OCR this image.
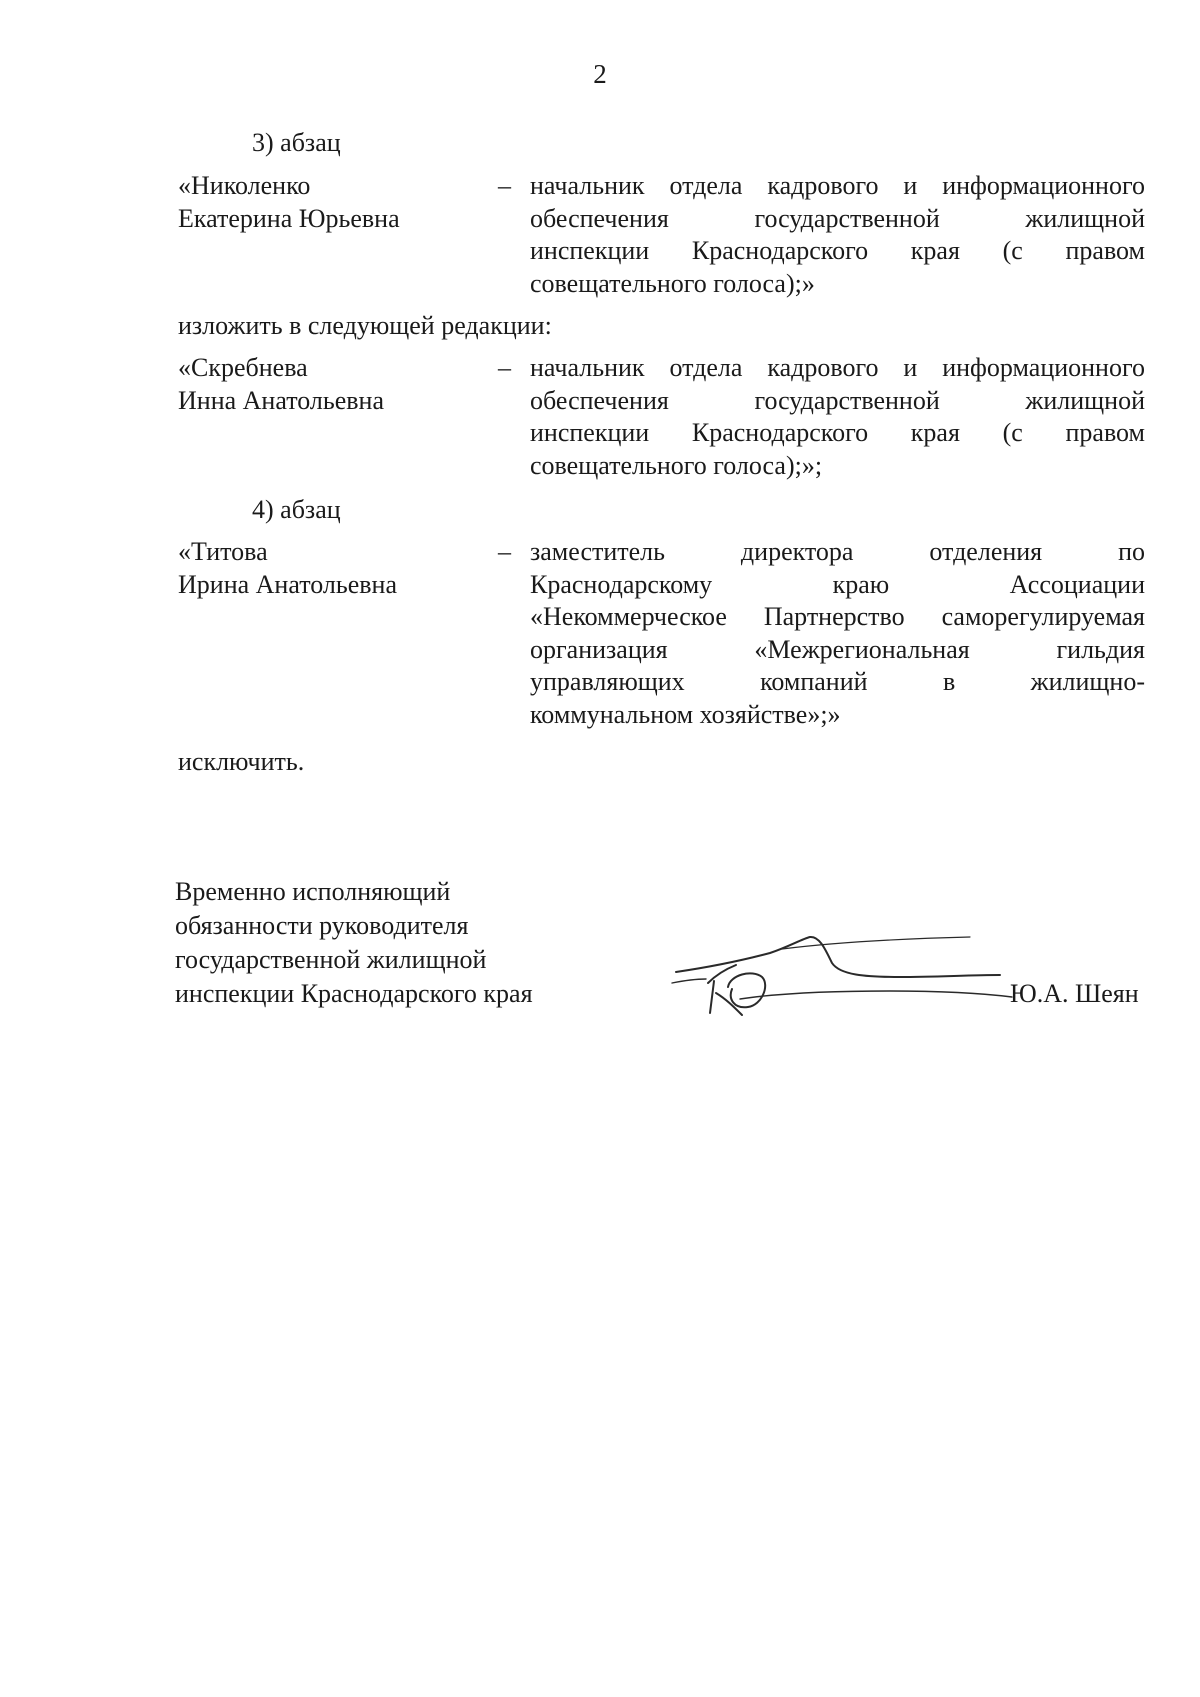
2
3) абзац
«Николенко
Екатерина Юрьевна
– начальник отдела кадрового и информационного
обеспечения государственной жилищной
инспекции Краснодарского края (с правом
совещательного голоса);»
изложить в следующей редакции:
«Скребнева
Инна Анатольевна
– начальник отдела кадрового и информационного
обеспечения государственной жилищной
инспекции Краснодарского края (с правом
совещательного голоса);»;
4) абзац
«Титова
Ирина Анатольевна
– заместитель директора отделения по
Краснодарскому краю Ассоциации
«Некоммерческое Партнерство саморегулируемая
организация «Межрегиональная гильдия
управляющих компаний в жилищно-
коммунальном хозяйстве»;»
исключить.
Временно исполняющий
обязанности руководителя
государственной жилищной
инспекции Краснодарского края	Ю.А. Шеян
